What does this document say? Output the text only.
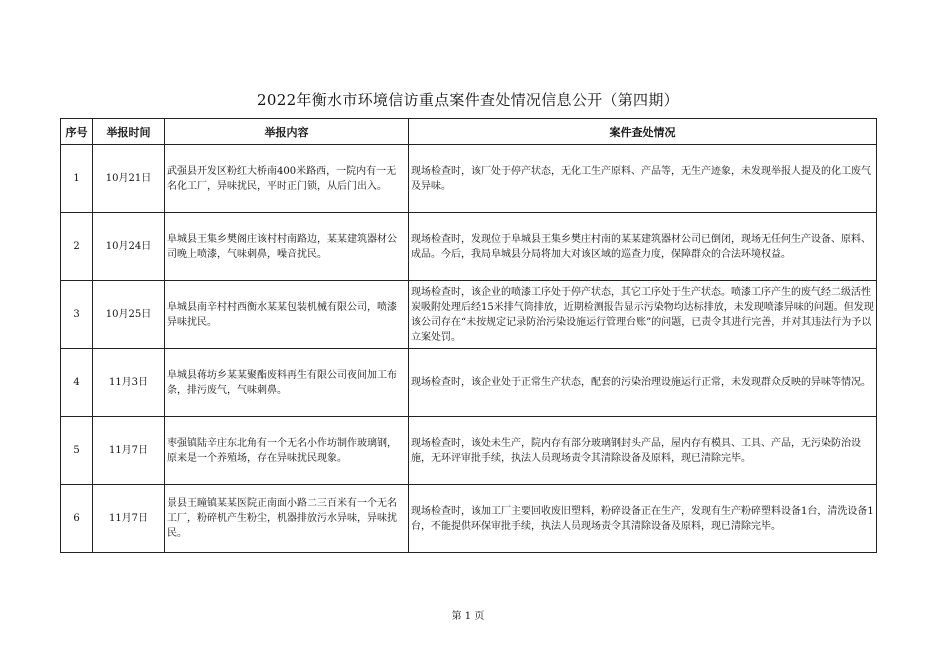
2022年衡水市环境信访重点案件查处情况信息公开（第四期）
序号	举报时间	举报内容	案件查处情况
1	10月21日	武强县开发区粉红大桥南400米路西，一院内有一无名化工厂，异味扰民，平时正门锁，从后门出入。	现场检查时，该厂处于停产状态，无化工生产原料、产品等，无生产迹象，未发现举报人提及的化工废气及异味。
2	10月24日	阜城县王集乡樊阁庄该村村南路边，某某建筑器材公司晚上喷漆，气味刺鼻，噪音扰民。	现场检查时，发现位于阜城县王集乡樊庄村南的某某建筑器材公司已倒闭，现场无任何生产设备、原料、成品。今后，我局阜城县分局将加大对该区域的巡查力度，保障群众的合法环境权益。
3	10月25日	阜城县南辛村村西衡水某某包装机械有限公司，喷漆异味扰民。	现场检查时，该企业的喷漆工序处于停产状态，其它工序处于生产状态。喷漆工序产生的废气经二级活性炭吸附处理后经15米排气筒排放，近期检测报告显示污染物均达标排放，未发现喷漆异味的问题。但发现该公司存在“未按规定记录防治污染设施运行管理台账”的问题，已责令其进行完善，并对其违法行为予以立案处罚。
4	11月3日	阜城县蒋坊乡某某聚酯废料再生有限公司夜间加工布条，排污废气，气味刺鼻。	现场检查时，该企业处于正常生产状态，配套的污染治理设施运行正常，未发现群众反映的异味等情况。
5	11月7日	枣强镇陆辛庄东北角有一个无名小作坊制作玻璃钢，原来是一个养殖场，存在异味扰民现象。	现场检查时，该处未生产，院内存有部分玻璃钢封头产品，屋内存有模具、工具、产品，无污染防治设施，无环评审批手续，执法人员现场责令其清除设备及原料，现已清除完毕。
6	11月7日	景县王瞳镇某某医院正南面小路二三百米有一个无名工厂，粉碎机产生粉尘，机器排放污水异味，异味扰民。	现场检查时，该加工厂主要回收废旧塑料，粉碎设备正在生产，发现有生产粉碎塑料设备1台，清洗设备1台，不能提供环保审批手续，执法人员现场责令其清除设备及原料，现已清除完毕。
第 1 页
